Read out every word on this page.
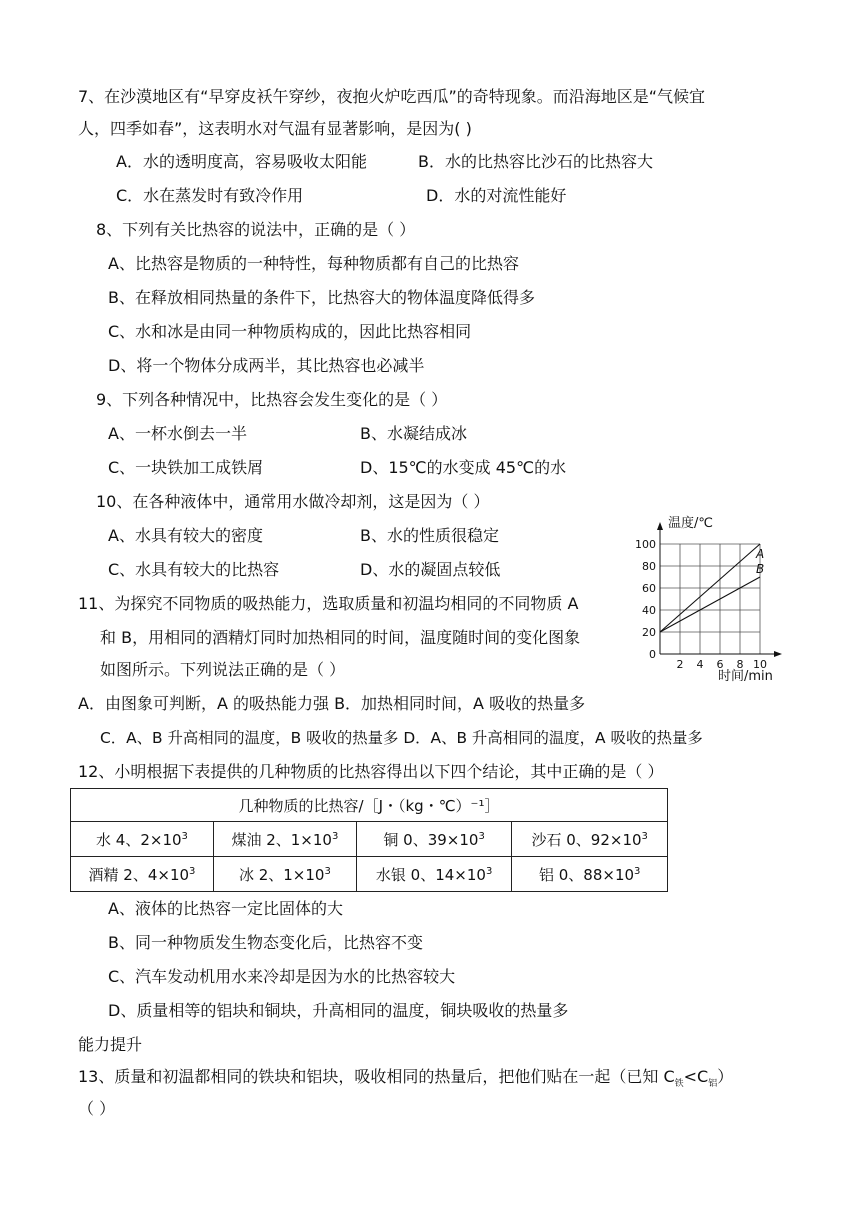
7、在沙漠地区有“早穿皮袄午穿纱，夜抱火炉吃西瓜”的奇特现象。而沿海地区是“气候宜
人，四季如春”，这表明水对气温有显著影响，是因为( )
A．水的透明度高，容易吸收太阳能	B．水的比热容比沙石的比热容大
C．水在蒸发时有致冷作用	D．水的对流性能好
8、下列有关比热容的说法中，正确的是（ ）
A、比热容是物质的一种特性，每种物质都有自己的比热容
B、在释放相同热量的条件下，比热容大的物体温度降低得多
C、水和冰是由同一种物质构成的，因此比热容相同
D、将一个物体分成两半，其比热容也必减半
9、下列各种情况中，比热容会发生变化的是（ ）
A、一杯水倒去一半	B、水凝结成冰
C、一块铁加工成铁屑	D、15℃的水变成 45℃的水
10、在各种液体中，通常用水做冷却剂，这是因为（ ）
A、水具有较大的密度	B、水的性质很稳定
C、水具有较大的比热容	D、水的凝固点较低
温度/℃
时间/min
0
20
40
60
80
100
2 4 6 8 10
A
B
11、为探究不同物质的吸热能力，选取质量和初温均相同的不同物质 A
和 B，用相同的酒精灯同时加热相同的时间，温度随时间的变化图象
如图所示。下列说法正确的是（ ）
A．由图象可判断，A 的吸热能力强 B．加热相同时间，A 吸收的热量多
C．A、B 升高相同的温度，B 吸收的热量多 D．A、B 升高相同的温度，A 吸收的热量多
12、小明根据下表提供的几种物质的比热容得出以下四个结论，其中正确的是（ ）
几种物质的比热容/［J・（kg・℃）⁻¹］			
水 4、$2\times 10^3$	煤油 2、$1\times 10^3$	铜 0、$39\times 10^3$	沙石 0、$92\times 10^3$
酒精 2、$4\times 10^3$	冰 2、$1\times 10^3$	水银 0、$14\times 10^3$	铝 0、$88\times 10^3$
A、液体的比热容一定比固体的大
B、同一种物质发生物态变化后，比热容不变
C、汽车发动机用水来冷却是因为水的比热容较大
D、质量相等的铝块和铜块，升高相同的温度，铜块吸收的热量多
能力提升
13、质量和初温都相同的铁块和铝块，吸收相同的热量后，把他们贴在一起（已知 $C_铁<C_铝$）
（ ）
